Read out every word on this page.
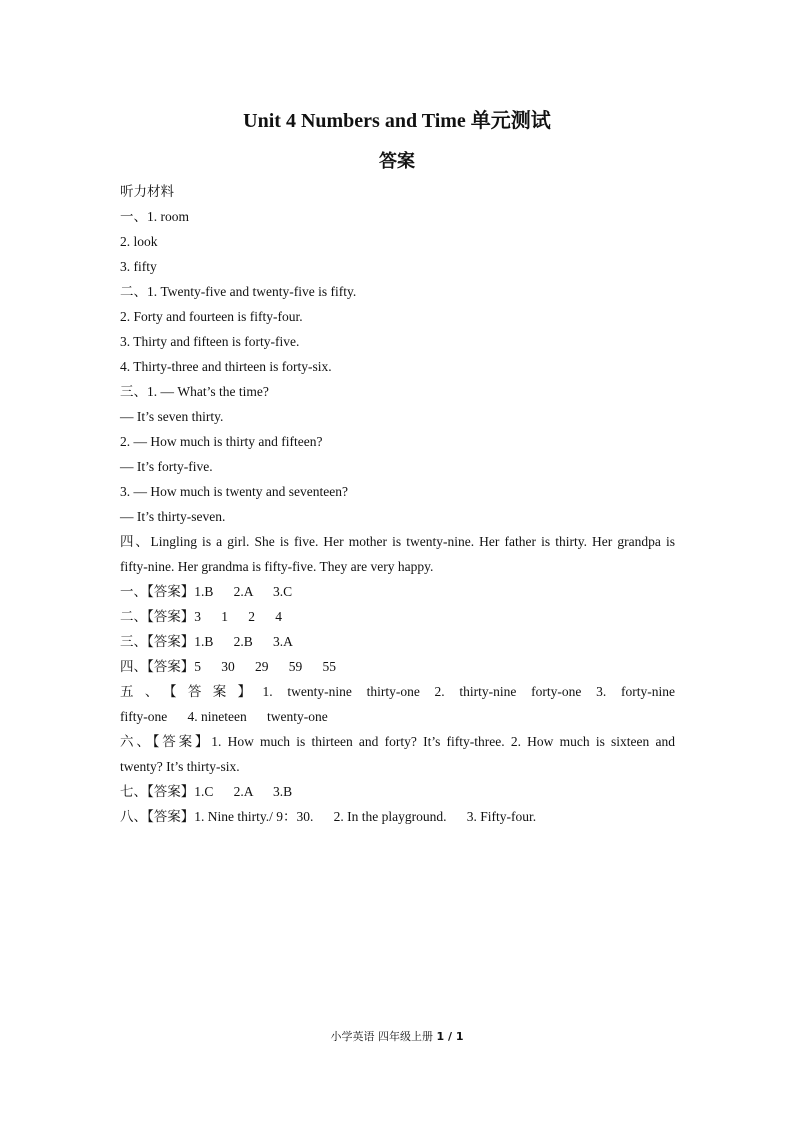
Unit 4 Numbers and Time 单元测试
答案
听力材料
一、1. room
2. look
3. fifty
二、1. Twenty-five and twenty-five is fifty.
2. Forty and fourteen is fifty-four.
3. Thirty and fifteen is forty-five.
4. Thirty-three and thirteen is forty-six.
三、1. — What’s the time?
— It’s seven thirty.
2. — How much is thirty and fifteen?
— It’s forty-five.
3. — How much is twenty and seventeen?
— It’s thirty-seven.
四、Lingling is a girl. She is five. Her mother is twenty-nine. Her father is thirty. Her grandpa is
fifty-nine. Her grandma is fifty-five. They are very happy.
一、【答案】1.B      2.A      3.C
二、【答案】3      1      2      4
三、【答案】1.B      2.B      3.A
四、【答案】5      30      29      59      55
五、【答案】1. twenty-nine thirty-one 2. thirty-nine forty-one 3. forty-nine
fifty-one      4. nineteen      twenty-one
六、【答案】1. How much is thirteen and forty? It’s fifty-three. 2. How much is sixteen and
twenty? It’s thirty-six.
七、【答案】1.C      2.A      3.B
八、【答案】1. Nine thirty./ 9：30.      2. In the playground.      3. Fifty-four.
小学英语 四年级上册 1 / 1
